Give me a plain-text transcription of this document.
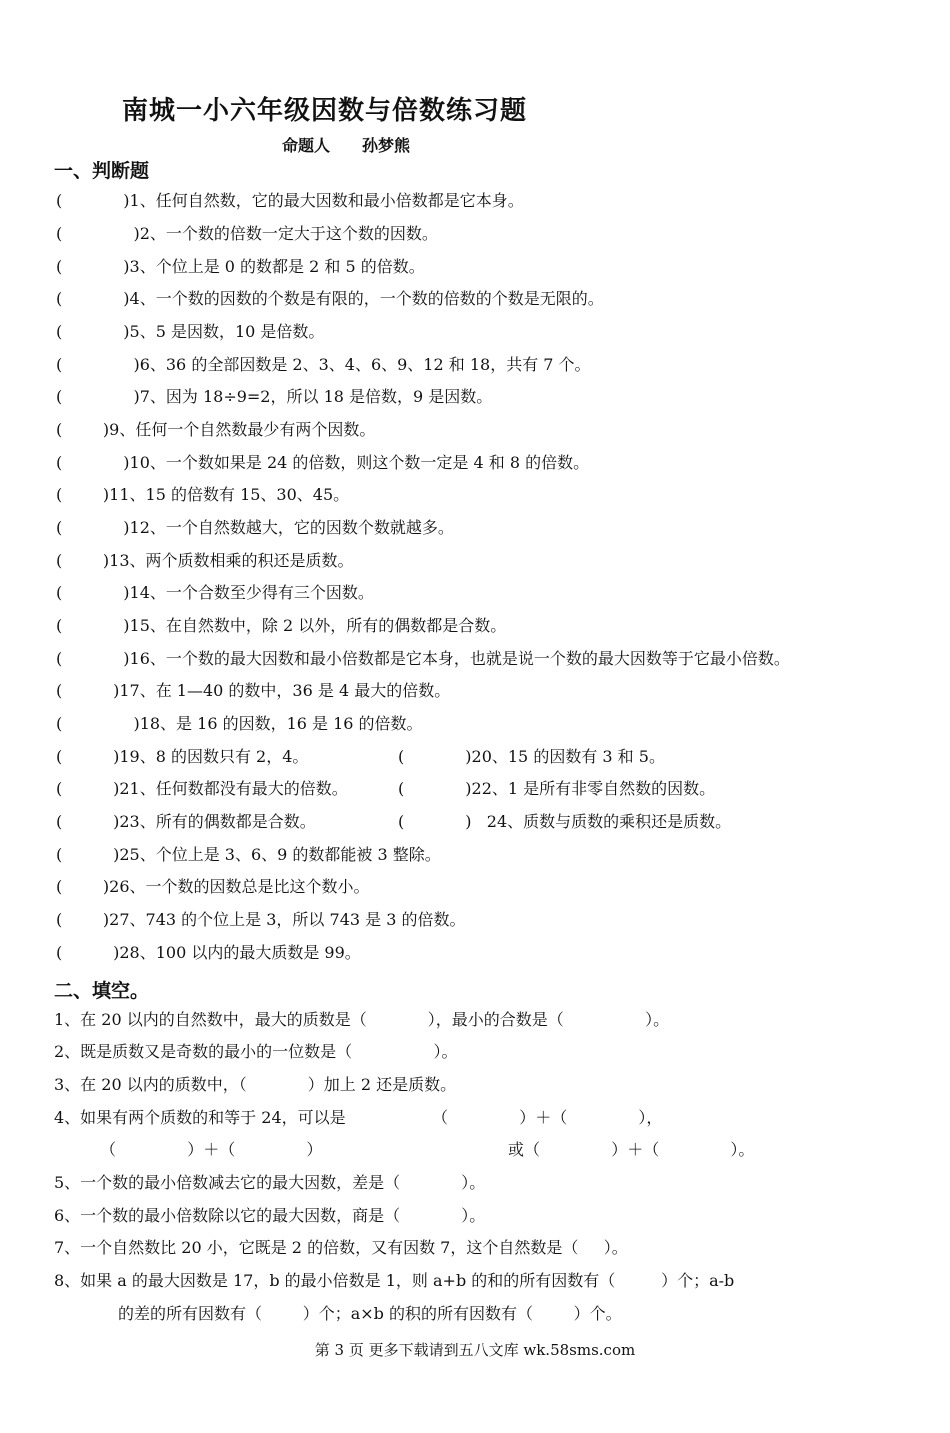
南城一小六年级因数与倍数练习题
命题人 孙梦熊
一、判断题
(            )1、任何自然数，它的最大因数和最小倍数都是它本身。
(              )2、一个数的倍数一定大于这个数的因数。
(            )3、个位上是 0 的数都是 2 和 5 的倍数。
(            )4、一个数的因数的个数是有限的，一个数的倍数的个数是无限的。
(            )5、5 是因数，10 是倍数。
(              )6、36 的全部因数是 2、3、4、6、9、12 和 18，共有 7 个。
(              )7、因为 18÷9=2，所以 18 是倍数，9 是因数。
(        )9、任何一个自然数最少有两个因数。
(            )10、一个数如果是 24 的倍数，则这个数一定是 4 和 8 的倍数。
(        )11、15 的倍数有 15、30、45。
(            )12、一个自然数越大，它的因数个数就越多。
(        )13、两个质数相乘的积还是质数。
(            )14、一个合数至少得有三个因数。
(            )15、在自然数中，除 2 以外，所有的偶数都是合数。
(            )16、一个数的最大因数和最小倍数都是它本身，也就是说一个数的最大因数等于它最小倍数。
(          )17、在 1—40 的数中，36 是 4 最大的倍数。
(              )18、是 16 的因数，16 是 16 的倍数。
(          )19、8 的因数只有 2，4。	(            )20、15 的因数有 3 和 5。
(          )21、任何数都没有最大的倍数。	(            )22、1 是所有非零自然数的因数。
(          )23、所有的偶数都是合数。	(            )   24、质数与质数的乘积还是质数。
(          )25、个位上是 3、6、9 的数都能被 3 整除。
(        )26、一个数的因数总是比这个数小。
(        )27、743 的个位上是 3，所以 743 是 3 的倍数。
(          )28、100 以内的最大质数是 99。
二、填空。
1、在 20 以内的自然数中，最大的质数是（            ），最小的合数是（                ）。
2、既是质数又是奇数的最小的一位数是（                ）。
3、在 20 以内的质数中，（            ）加上 2 还是质数。
4、如果有两个质数的和等于 24，可以是	（              ）＋（              ），
（              ）＋（              ）	或（              ）＋（              ）。
5、一个数的最小倍数减去它的最大因数，差是（            ）。
6、一个数的最小倍数除以它的最大因数，商是（            ）。
7、一个自然数比 20 小，它既是 2 的倍数，又有因数 7，这个自然数是（     ）。
8、如果 a 的最大因数是 17，b 的最小倍数是 1，则 a+b 的和的所有因数有（         ）个；a-b
的差的所有因数有（        ）个；a×b 的积的所有因数有（        ）个。
第 3 页 更多下载请到五八文库 wk.58sms.com
